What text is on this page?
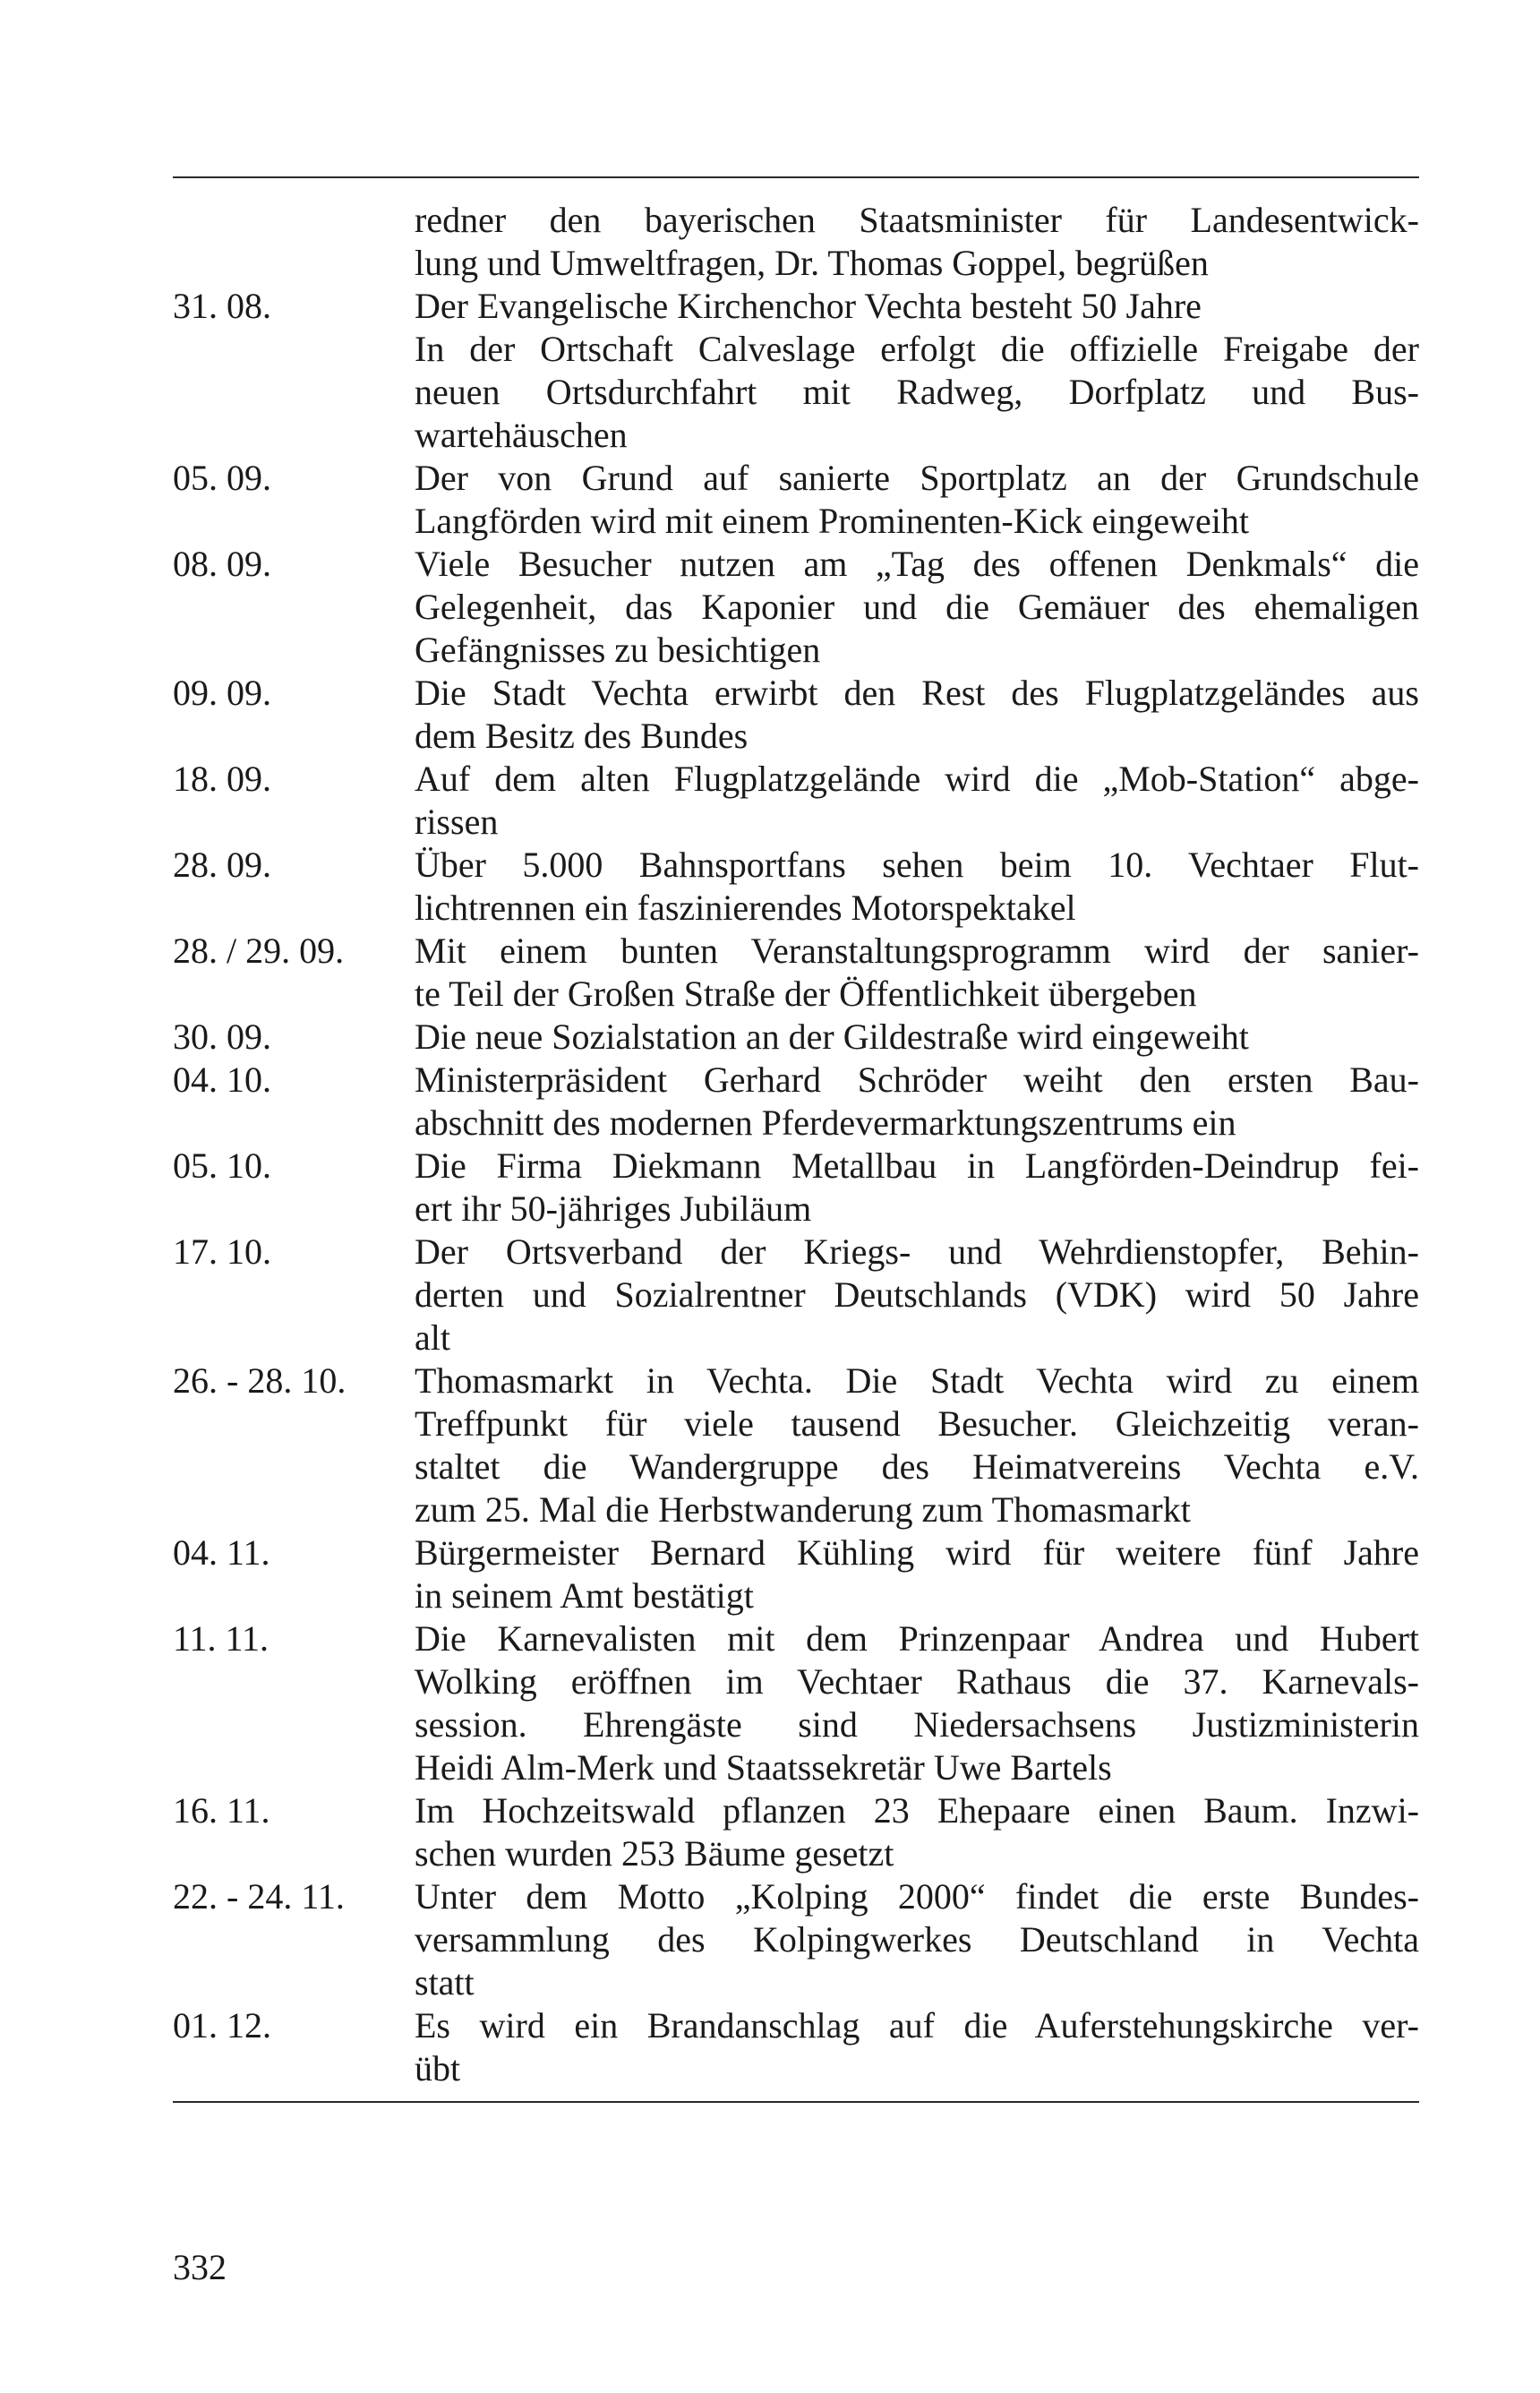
redner den bayerischen Staatsminister für Landesentwick-
lung und Umweltfragen, Dr. Thomas Goppel, begrüßen
31. 08.	Der Evangelische Kirchenchor Vechta besteht 50 Jahre
In der Ortschaft Calveslage erfolgt die offizielle Freigabe der
neuen Ortsdurchfahrt mit Radweg, Dorfplatz und Bus-
wartehäuschen
05. 09.	Der von Grund auf sanierte Sportplatz an der Grundschule
Langförden wird mit einem Prominenten-Kick eingeweiht
08. 09.	Viele Besucher nutzen am „Tag des offenen Denkmals“ die
Gelegenheit, das Kaponier und die Gemäuer des ehemaligen
Gefängnisses zu besichtigen
09. 09.	Die Stadt Vechta erwirbt den Rest des Flugplatzgeländes aus
dem Besitz des Bundes
18. 09.	Auf dem alten Flugplatzgelände wird die „Mob-Station“ abge-
rissen
28. 09.	Über 5.000 Bahnsportfans sehen beim 10. Vechtaer Flut-
lichtrennen ein faszinierendes Motorspektakel
28. / 29. 09.	Mit einem bunten Veranstaltungsprogramm wird der sanier-
te Teil der Großen Straße der Öffentlichkeit übergeben
30. 09.	Die neue Sozialstation an der Gildestraße wird eingeweiht
04. 10.	Ministerpräsident Gerhard Schröder weiht den ersten Bau-
abschnitt des modernen Pferdevermarktungszentrums ein
05. 10.	Die Firma Diekmann Metallbau in Langförden-Deindrup fei-
ert ihr 50-jähriges Jubiläum
17. 10.	Der Ortsverband der Kriegs- und Wehrdienstopfer, Behin-
derten und Sozialrentner Deutschlands (VDK) wird 50 Jahre
alt
26. - 28. 10.	Thomasmarkt in Vechta. Die Stadt Vechta wird zu einem
Treffpunkt für viele tausend Besucher. Gleichzeitig veran-
staltet die Wandergruppe des Heimatvereins Vechta e.V.
zum 25. Mal die Herbstwanderung zum Thomasmarkt
04. 11.	Bürgermeister Bernard Kühling wird für weitere fünf Jahre
in seinem Amt bestätigt
11. 11.	Die Karnevalisten mit dem Prinzenpaar Andrea und Hubert
Wolking eröffnen im Vechtaer Rathaus die 37. Karnevals-
session. Ehrengäste sind Niedersachsens Justizministerin
Heidi Alm-Merk und Staatssekretär Uwe Bartels
16. 11.	Im Hochzeitswald pflanzen 23 Ehepaare einen Baum. Inzwi-
schen wurden 253 Bäume gesetzt
22. - 24. 11.	Unter dem Motto „Kolping 2000“ findet die erste Bundes-
versammlung des Kolpingwerkes Deutschland in Vechta
statt
01. 12.	Es wird ein Brandanschlag auf die Auferstehungskirche ver-
übt
332
